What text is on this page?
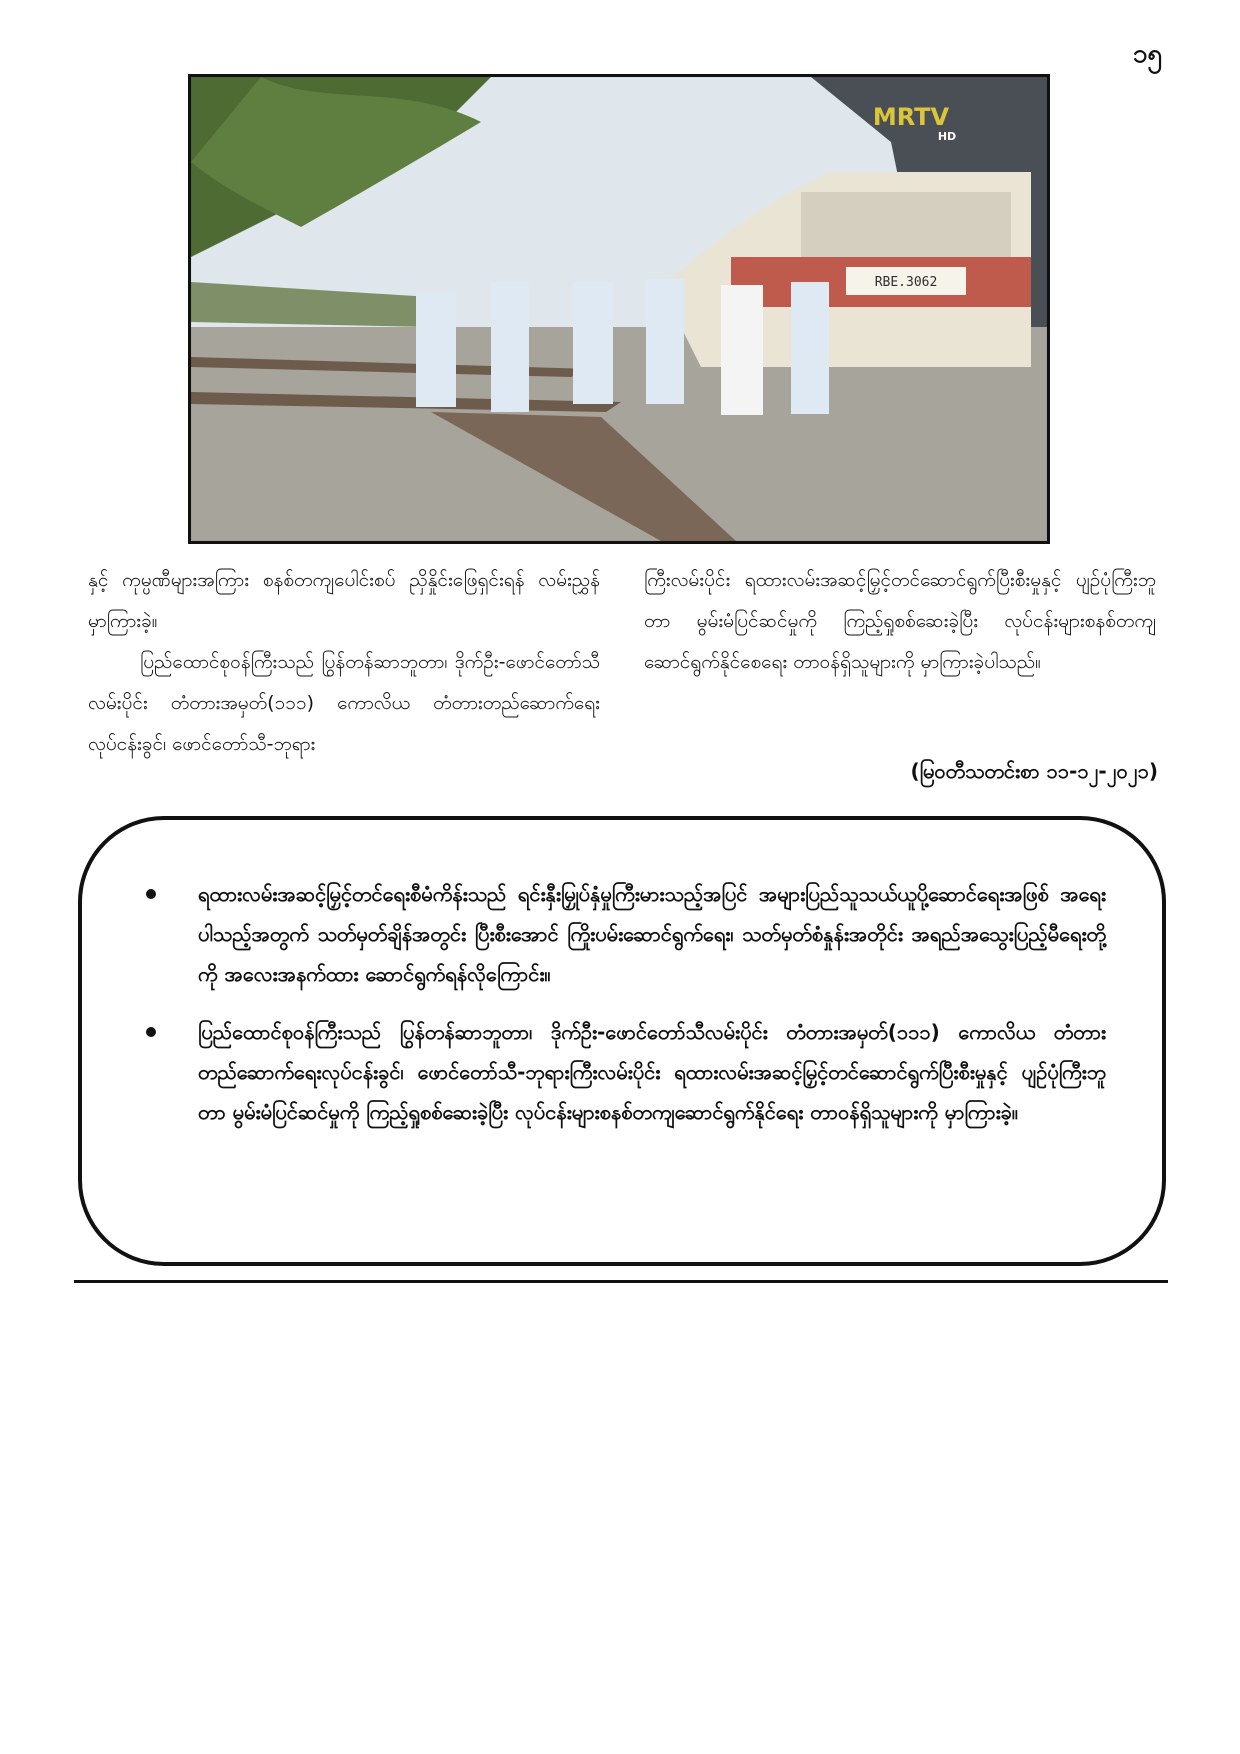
၁၅
RBE.3062
MRTV
HD

နှင့် ကုမ္ပဏီများအကြား စနစ်တကျပေါင်းစပ် ညှိနှိုင်းဖြေရှင်းရန် လမ်းညွှန်မှာကြားခဲ့။

ပြည်ထောင်စုဝန်ကြီးသည် ပြွန်တန်ဆာဘူတာ၊ ဒိုက်ဦး-ဖောင်တော်သီလမ်းပိုင်း တံတားအမှတ်(၁၁၁) ကောလိယ တံတားတည်ဆောက်ရေးလုပ်ငန်းခွင်၊ ဖောင်တော်သီ-ဘုရား

ကြီးလမ်းပိုင်း ရထားလမ်းအဆင့်မြှင့်တင်ဆောင်ရွက်ပြီးစီးမှုနှင့် ပျဉ်ပုံကြီးဘူတာ မွမ်းမံပြင်ဆင်မှုကို ကြည့်ရှုစစ်ဆေးခဲ့ပြီး လုပ်ငန်းများစနစ်တကျဆောင်ရွက်နိုင်စေရေး တာဝန်ရှိသူများကို မှာကြားခဲ့ပါသည်။

(မြဝတီသတင်းစာ ၁၁-၁၂-၂၀၂၁)
ရထားလမ်းအဆင့်မြှင့်တင်ရေးစီမံကိန်းသည် ရင်းနှီးမြှုပ်နှံမှုကြီးမားသည့်အပြင် အများပြည်သူသယ်ယူပို့ဆောင်ရေးအဖြစ် အရေးပါသည့်အတွက် သတ်မှတ်ချိန်အတွင်း ပြီးစီးအောင် ကြိုးပမ်းဆောင်ရွက်ရေး၊ သတ်မှတ်စံနှုန်းအတိုင်း အရည်အသွေးပြည့်မီရေးတို့ကို အလေးအနက်ထား ဆောင်ရွက်ရန်လိုကြောင်း။
ပြည်ထောင်စုဝန်ကြီးသည် ပြွန်တန်ဆာဘူတာ၊ ဒိုက်ဦး-ဖောင်တော်သီလမ်းပိုင်း တံတားအမှတ်(၁၁၁) ကောလိယ တံတားတည်ဆောက်ရေးလုပ်ငန်းခွင်၊ ဖောင်တော်သီ-ဘုရားကြီးလမ်းပိုင်း ရထားလမ်းအဆင့်မြှင့်တင်ဆောင်ရွက်ပြီးစီးမှုနှင့် ပျဉ်ပုံကြီးဘူတာ မွမ်းမံပြင်ဆင်မှုကို ကြည့်ရှုစစ်ဆေးခဲ့ပြီး လုပ်ငန်းများစနစ်တကျဆောင်ရွက်နိုင်ရေး တာဝန်ရှိသူများကို မှာကြားခဲ့။
